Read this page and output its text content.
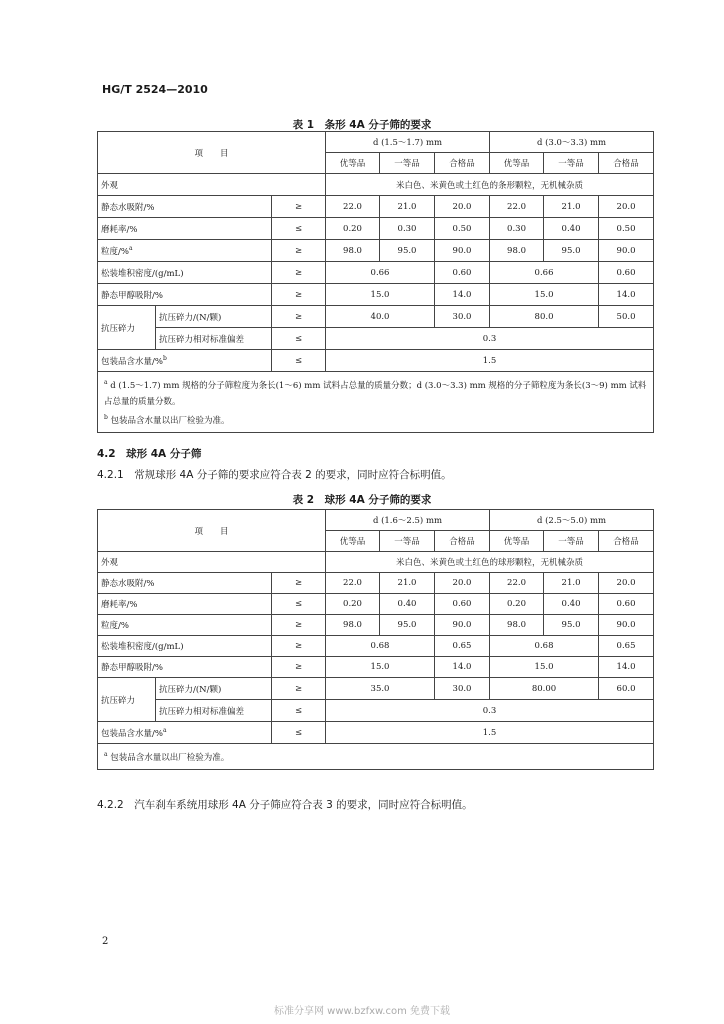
HG/T 2524—2010
表 1　条形 4A 分子筛的要求
项　　目			d (1.5～1.7) mm			d (3.0～3.3) mm		
			优等品	一等品	合格品	优等品	一等品	合格品
外观			米白色、米黄色或土红色的条形颗粒，无机械杂质					
静态水吸附/%		≥	22.0	21.0	20.0	22.0	21.0	20.0
磨耗率/%		≤	0.20	0.30	0.50	0.30	0.40	0.50
粒度/%$^a$		≥	98.0	95.0	90.0	98.0	95.0	90.0
松装堆积密度/(g/mL)		≥	0.66		0.60	0.66		0.60
静态甲醇吸附/%		≥	15.0		14.0	15.0		14.0
抗压碎力	抗压碎力/(N/颗)	≥	40.0		30.0	80.0		50.0
	抗压碎力相对标准偏差	≤	0.3					
包装品含水量/%$^b$		≤	1.5					

$^a$ d (1.5～1.7) mm 规格的分子筛粒度为条长(1～6) mm 试料占总量的质量分数；d (3.0～3.3) mm 规格的分子筛粒度为条长(3～9) mm 试料占总量的质量分数。
$^b$ 包装品含水量以出厂检验为准。								
4.2　球形 4A 分子筛
4.2.1　常规球形 4A 分子筛的要求应符合表 2 的要求，同时应符合标明值。
表 2　球形 4A 分子筛的要求
项　　目			d (1.6～2.5) mm			d (2.5～5.0) mm		
			优等品	一等品	合格品	优等品	一等品	合格品
外观			米白色、米黄色或土红色的球形颗粒，无机械杂质					
静态水吸附/%		≥	22.0	21.0	20.0	22.0	21.0	20.0
磨耗率/%		≤	0.20	0.40	0.60	0.20	0.40	0.60
粒度/%		≥	98.0	95.0	90.0	98.0	95.0	90.0
松装堆积密度/(g/mL)		≥	0.68		0.65	0.68		0.65
静态甲醇吸附/%		≥	15.0		14.0	15.0		14.0
抗压碎力	抗压碎力/(N/颗)	≥	35.0		30.0	80.00		60.0
	抗压碎力相对标准偏差	≤	0.3					
包装品含水量/%$^a$		≤	1.5					

$^a$ 包装品含水量以出厂检验为准。								
4.2.2　汽车刹车系统用球形 4A 分子筛应符合表 3 的要求，同时应符合标明值。
2
标准分享网 www.bzfxw.com 免费下载
